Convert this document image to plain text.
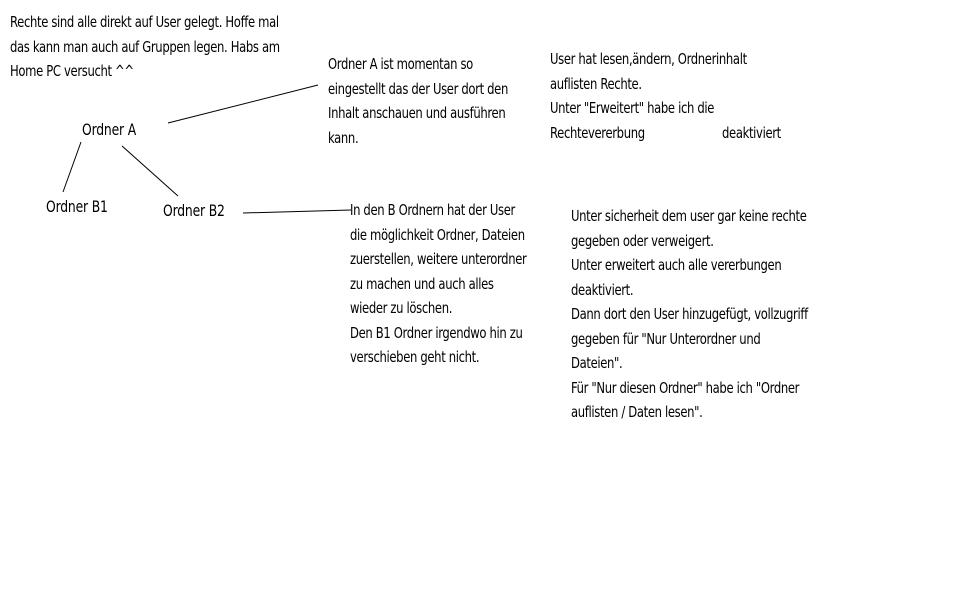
Rechte sind alle direkt auf User gelegt. Hoffe mal
das kann man auch auf Gruppen legen. Habs am
Home PC versucht ^^	Ordner A ist momentan so
eingestellt das der User dort den
Inhalt anschauen und ausführen
kann.
User hat lesen,ändern, Ordnerinhalt
auflisten Rechte.
Unter "Erweitert" habe ich die
Rechtevererbung	deaktiviert
Ordner A
Ordner B1	Ordner B2	In den B Ordnern hat der User
die möglichkeit Ordner, Dateien
zuerstellen, weitere unterordner
zu machen und auch alles
wieder zu löschen.
Den B1 Ordner irgendwo hin zu
verschieben geht nicht.
Unter sicherheit dem user gar keine rechte
gegeben oder verweigert.
Unter erweitert auch alle vererbungen
deaktiviert.
Dann dort den User hinzugefügt, vollzugriff
gegeben für "Nur Unterordner und
Dateien".
Für "Nur diesen Ordner" habe ich "Ordner
auflisten / Daten lesen".
